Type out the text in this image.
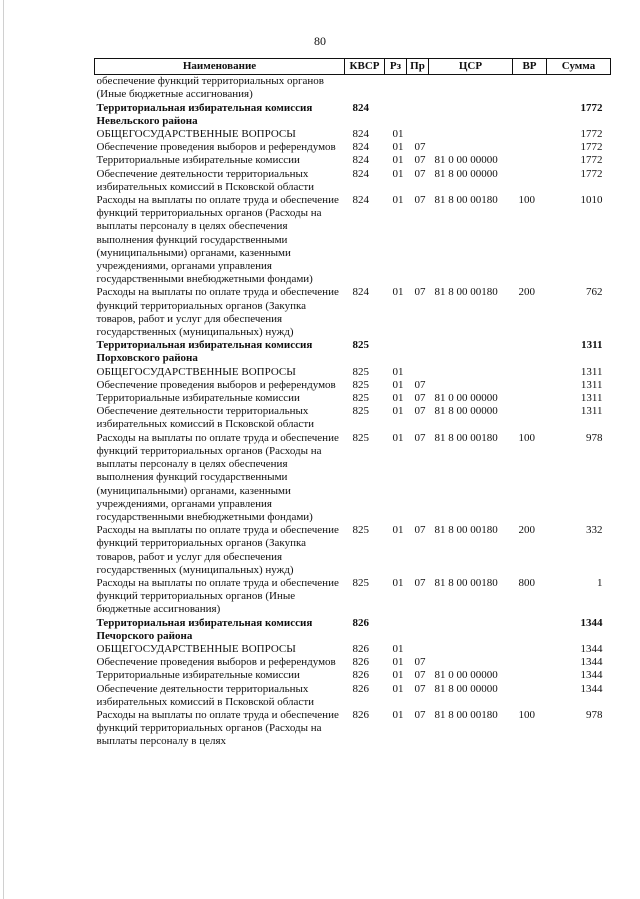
80
Наименование	КВСР	Рз	Пр	ЦСР	ВР	Сумма
обеспечение функций территориальных органов (Иные бюджетные ассигнования)						
Территориальная избирательная комиссия Невельского района	824					1772
ОБЩЕГОСУДАРСТВЕННЫЕ ВОПРОСЫ	824	01				1772
Обеспечение проведения выборов и референдумов	824	01	07			1772
Территориальные избирательные комиссии	824	01	07	81 0 00 00000		1772
Обеспечение деятельности территориальных избирательных комиссий в Псковской области	824	01	07	81 8 00 00000		1772
Расходы на выплаты по оплате труда и обеспечение функций территориальных органов (Расходы на выплаты персоналу в целях обеспечения выполнения функций государственными (муниципальными) органами, казенными учреждениями, органами управления государственными внебюджетными фондами)	824	01	07	81 8 00 00180	100	1010
Расходы на выплаты по оплате труда и обеспечение функций территориальных органов (Закупка товаров, работ и услуг для обеспечения государственных (муниципальных) нужд)	824	01	07	81 8 00 00180	200	762
Территориальная избирательная комиссия Порховского района	825					1311
ОБЩЕГОСУДАРСТВЕННЫЕ ВОПРОСЫ	825	01				1311
Обеспечение проведения выборов и референдумов	825	01	07			1311
Территориальные избирательные комиссии	825	01	07	81 0 00 00000		1311
Обеспечение деятельности территориальных избирательных комиссий в Псковской области	825	01	07	81 8 00 00000		1311
Расходы на выплаты по оплате труда и обеспечение функций территориальных органов (Расходы на выплаты персоналу в целях обеспечения выполнения функций государственными (муниципальными) органами, казенными учреждениями, органами управления государственными внебюджетными фондами)	825	01	07	81 8 00 00180	100	978
Расходы на выплаты по оплате труда и обеспечение функций территориальных органов (Закупка товаров, работ и услуг для обеспечения государственных (муниципальных) нужд)	825	01	07	81 8 00 00180	200	332
Расходы на выплаты по оплате труда и обеспечение функций территориальных органов (Иные бюджетные ассигнования)	825	01	07	81 8 00 00180	800	1
Территориальная избирательная комиссия Печорского района	826					1344
ОБЩЕГОСУДАРСТВЕННЫЕ ВОПРОСЫ	826	01				1344
Обеспечение проведения выборов и референдумов	826	01	07			1344
Территориальные избирательные комиссии	826	01	07	81 0 00 00000		1344
Обеспечение деятельности территориальных избирательных комиссий в Псковской области	826	01	07	81 8 00 00000		1344
Расходы на выплаты по оплате труда и обеспечение функций территориальных органов (Расходы на выплаты персоналу в целях	826	01	07	81 8 00 00180	100	978
